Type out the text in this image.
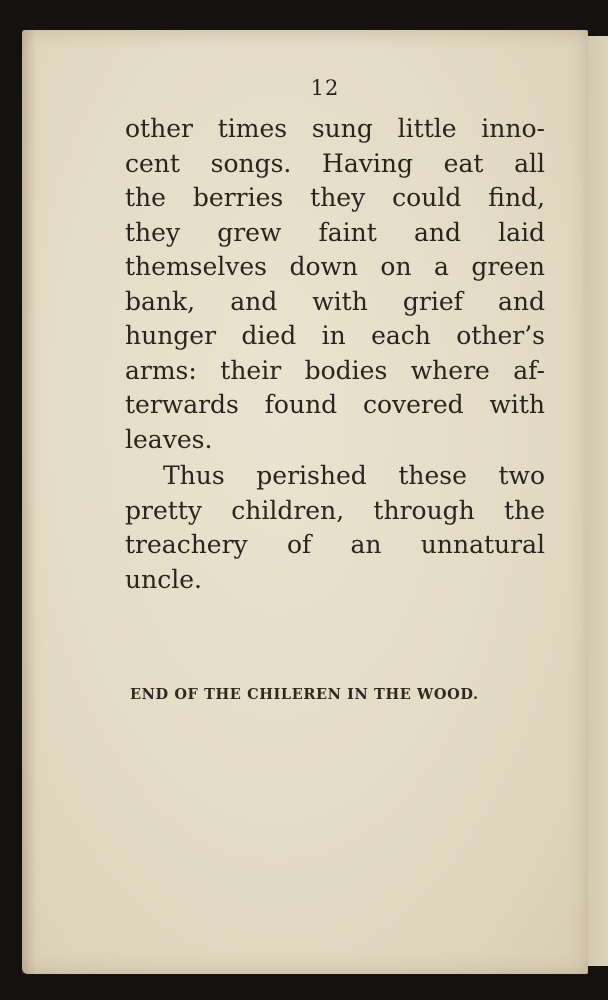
12
other times sung little inno-
cent songs. Having eat all
the berries they could find,
they grew faint and laid
themselves down on a green
bank, and with grief and
hunger died in each other’s
arms: their bodies where af-
terwards found covered with
leaves.
Thus perished these two
pretty children, through the
treachery of an unnatural
uncle.
END OF THE CHILEREN IN THE WOOD.
